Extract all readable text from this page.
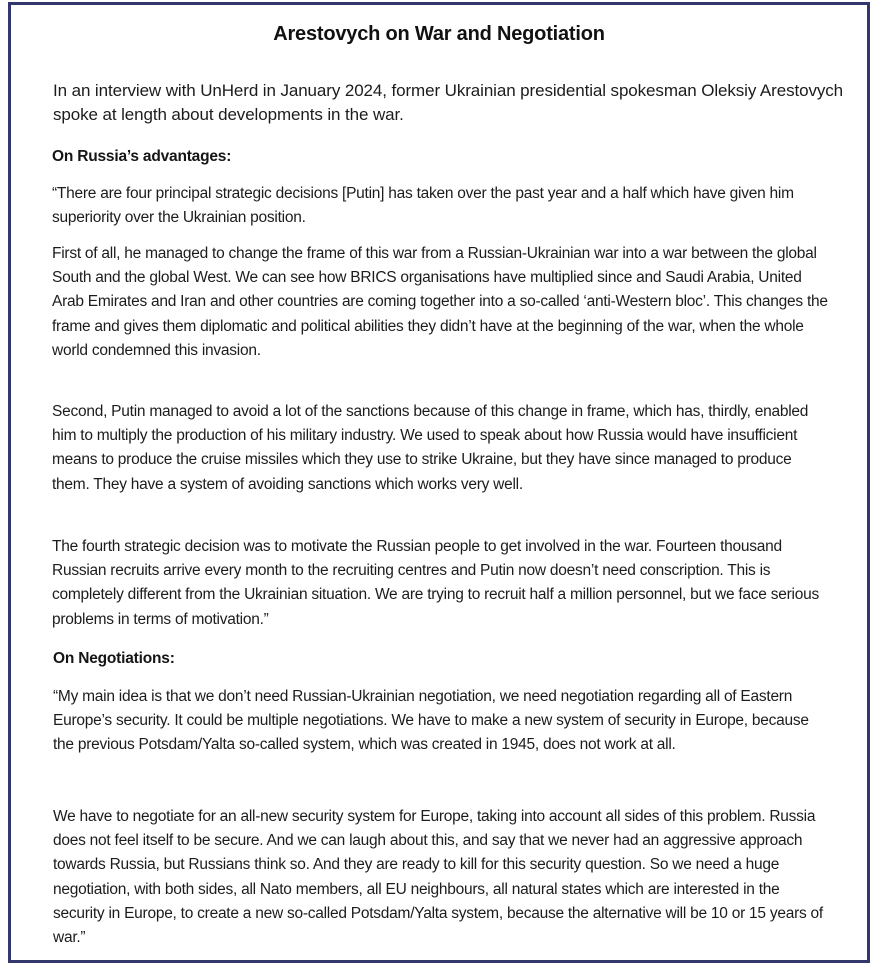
Arestovych on War and Negotiation
In an interview with UnHerd in January 2024, former Ukrainian presidential spokesman Oleksiy Arestovych spoke at length about developments in the war.
On Russia’s advantages:
“There are four principal strategic decisions [Putin] has taken over the past year and a half which have given him superiority over the Ukrainian position.
First of all, he managed to change the frame of this war from a Russian-Ukrainian war into a war between the global South and the global West. We can see how BRICS organisations have multiplied since and Saudi Arabia, United Arab Emirates and Iran and other countries are coming together into a so-called ‘anti-Western bloc’. This changes the frame and gives them diplomatic and political abilities they didn’t have at the beginning of the war, when the whole world condemned this invasion.
Second, Putin managed to avoid a lot of the sanctions because of this change in frame, which has, thirdly, enabled him to multiply the production of his military industry. We used to speak about how Russia would have insufficient means to produce the cruise missiles which they use to strike Ukraine, but they have since managed to produce them. They have a system of avoiding sanctions which works very well.
The fourth strategic decision was to motivate the Russian people to get involved in the war. Fourteen thousand Russian recruits arrive every month to the recruiting centres and Putin now doesn’t need conscription. This is completely different from the Ukrainian situation. We are trying to recruit half a million personnel, but we face serious problems in terms of motivation.”
On Negotiations:
“My main idea is that we don’t need Russian-Ukrainian negotiation, we need negotiation regarding all of Eastern Europe’s security. It could be multiple negotiations. We have to make a new system of security in Europe, because the previous Potsdam/Yalta so-called system, which was created in 1945, does not work at all.
We have to negotiate for an all-new security system for Europe, taking into account all sides of this problem. Russia does not feel itself to be secure. And we can laugh about this, and say that we never had an aggressive approach towards Russia, but Russians think so. And they are ready to kill for this security question. So we need a huge negotiation, with both sides, all Nato members, all EU neighbours, all natural states which are interested in the security in Europe, to create a new so-called Potsdam/Yalta system, because the alternative will be 10 or 15 years of war.”
